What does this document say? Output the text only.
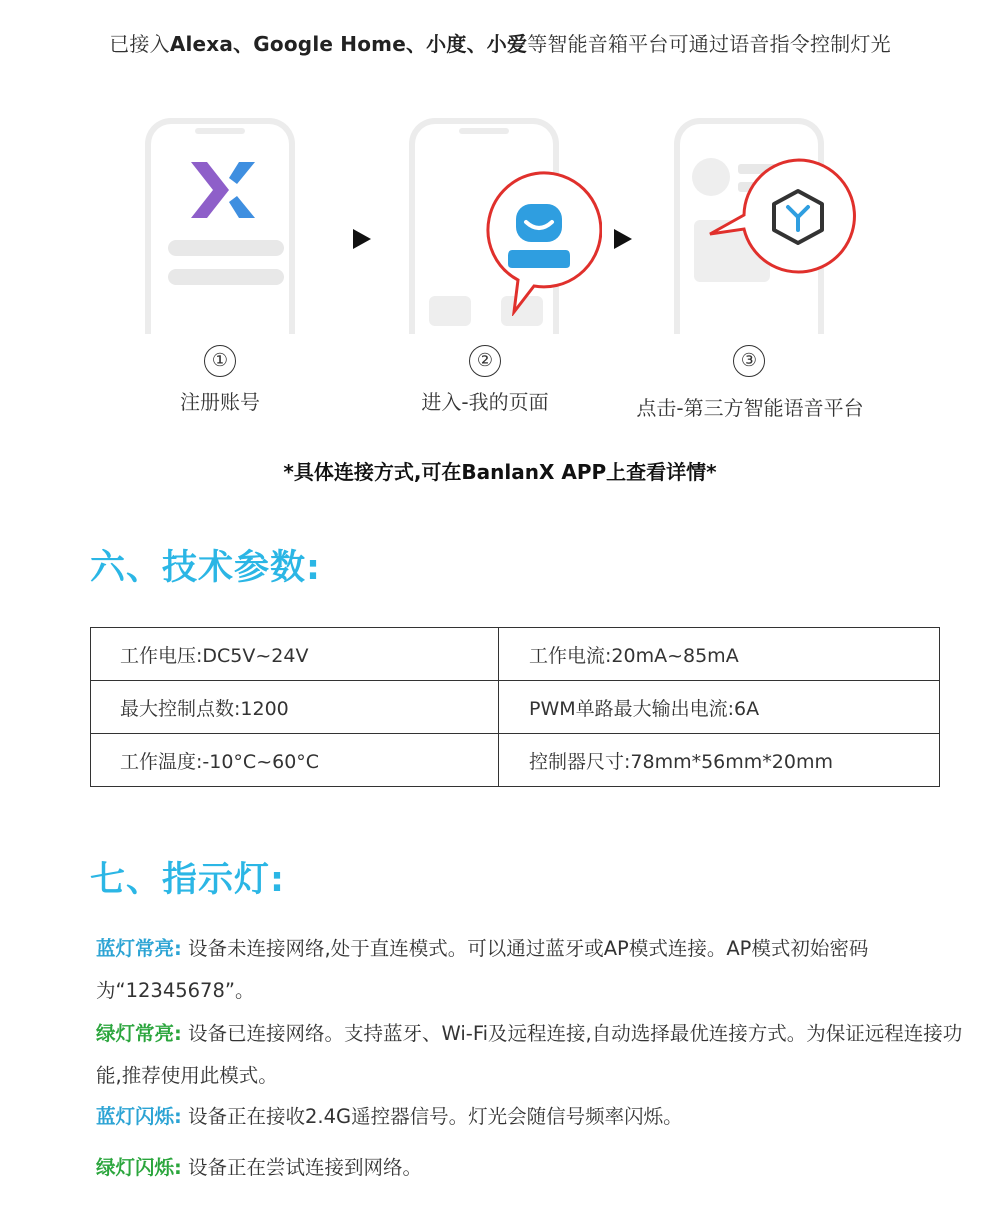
已接入Alexa、Google Home、小度、小爱等智能音箱平台可通过语音指令控制灯光
①
注册账号
②
进入-我的页面
③
点击-第三方智能语音平台
*具体连接方式,可在BanlanX APP上查看详情*
六、技术参数:
工作电压:DC5V~24V	工作电流:20mA~85mA
最大控制点数:1200	PWM单路最大输出电流:6A
工作温度:-10°C~60°C	控制器尺寸:78mm*56mm*20mm
七、指示灯:
蓝灯常亮: 设备未连接网络,处于直连模式。可以通过蓝牙或AP模式连接。AP模式初始密码为“12345678”。
绿灯常亮: 设备已连接网络。支持蓝牙、Wi-Fi及远程连接,自动选择最优连接方式。为保证远程连接功能,推荐使用此模式。
蓝灯闪烁: 设备正在接收2.4G遥控器信号。灯光会随信号频率闪烁。
绿灯闪烁: 设备正在尝试连接到网络。
